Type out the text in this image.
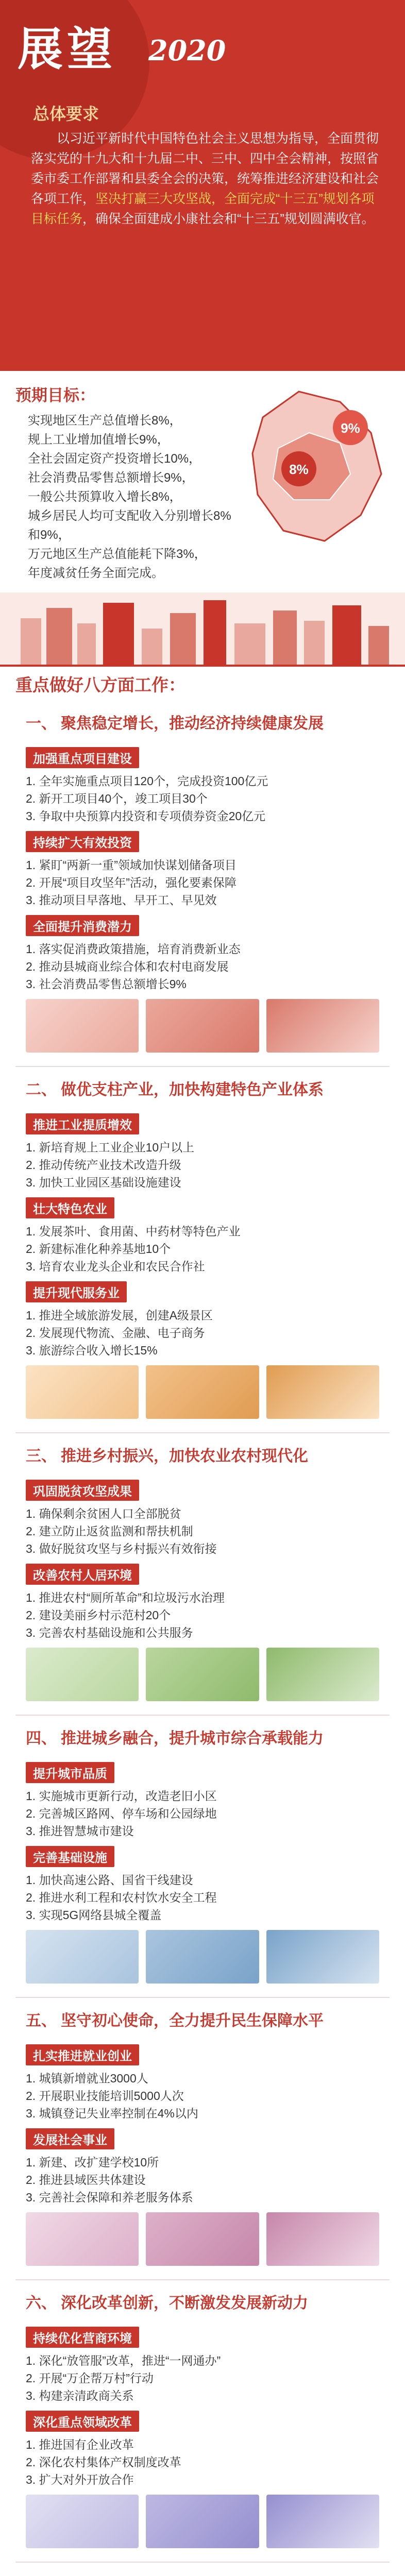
展望 2020
总体要求
以习近平新时代中国特色社会主义思想为指导，全面贯彻落实党的十九大和十九届二中、三中、四中全会精神，按照省委市委工作部署和县委全会的决策，统筹推进经济建设和社会各项工作，坚决打赢三大攻坚战，全面完成“十三五”规划各项目标任务，确保全面建成小康社会和“十三五”规划圆满收官。
预期目标：
实现地区生产总值增长8%，
规上工业增加值增长9%，
全社会固定资产投资增长10%，
社会消费品零售总额增长9%，
一般公共预算收入增长8%，
城乡居民人均可支配收入分别增长8%和9%，
万元地区生产总值能耗下降3%，
年度减贫任务全面完成。
8%
9%
重点做好八方面工作：
一、 聚焦稳定增长，推动经济持续健康发展
加强重点项目建设
1. 全年实施重点项目120个，完成投资100亿元
2. 新开工项目40个，竣工项目30个
3. 争取中央预算内投资和专项债券资金20亿元
持续扩大有效投资
1. 紧盯“两新一重”领域加快谋划储备项目
2. 开展“项目攻坚年”活动，强化要素保障
3. 推动项目早落地、早开工、早见效
全面提升消费潜力
1. 落实促消费政策措施，培育消费新业态
2. 推动县城商业综合体和农村电商发展
3. 社会消费品零售总额增长9%
二、 做优支柱产业，加快构建特色产业体系
推进工业提质增效
1. 新培育规上工业企业10户以上
2. 推动传统产业技术改造升级
3. 加快工业园区基础设施建设
壮大特色农业
1. 发展茶叶、食用菌、中药材等特色产业
2. 新建标准化种养基地10个
3. 培育农业龙头企业和农民合作社
提升现代服务业
1. 推进全域旅游发展，创建A级景区
2. 发展现代物流、金融、电子商务
3. 旅游综合收入增长15%
三、 推进乡村振兴，加快农业农村现代化
巩固脱贫攻坚成果
1. 确保剩余贫困人口全部脱贫
2. 建立防止返贫监测和帮扶机制
3. 做好脱贫攻坚与乡村振兴有效衔接
改善农村人居环境
1. 推进农村“厕所革命”和垃圾污水治理
2. 建设美丽乡村示范村20个
3. 完善农村基础设施和公共服务
四、 推进城乡融合，提升城市综合承载能力
提升城市品质
1. 实施城市更新行动，改造老旧小区
2. 完善城区路网、停车场和公园绿地
3. 推进智慧城市建设
完善基础设施
1. 加快高速公路、国省干线建设
2. 推进水利工程和农村饮水安全工程
3. 实现5G网络县城全覆盖
五、 坚守初心使命，全力提升民生保障水平
扎实推进就业创业
1. 城镇新增就业3000人
2. 开展职业技能培训5000人次
3. 城镇登记失业率控制在4%以内
发展社会事业
1. 新建、改扩建学校10所
2. 推进县域医共体建设
3. 完善社会保障和养老服务体系
六、 深化改革创新，不断激发发展新动力
持续优化营商环境
1. 深化“放管服”改革，推进“一网通办”
2. 开展“万企帮万村”行动
3. 构建亲清政商关系
深化重点领域改革
1. 推进国有企业改革
2. 深化农村集体产权制度改革
3. 扩大对外开放合作
